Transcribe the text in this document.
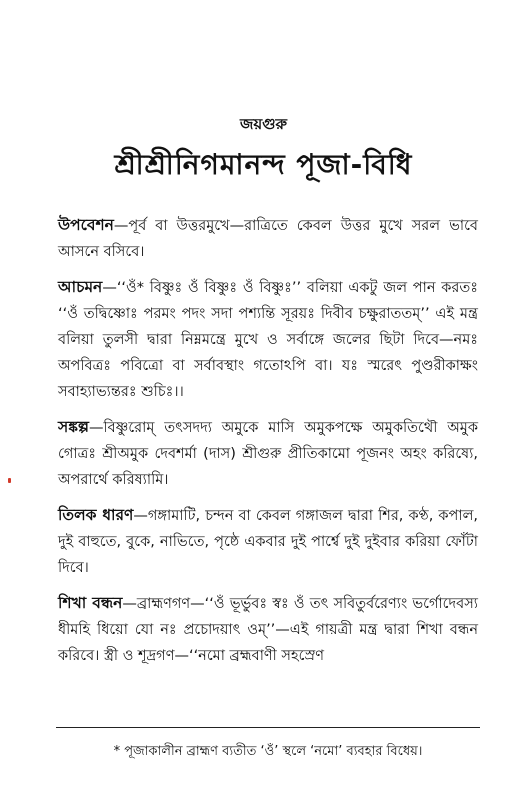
জয়গুরু
শ্রীশ্রীনিগমানন্দ পূজা-বিধি

উপবেশন—পূর্ব বা উত্তরমুখে—রাত্রিতে কেবল উত্তর মুখে সরল ভাবে আসনে বসিবে।

আচমন—‘‘ওঁ* বিষ্ণুঃ ওঁ বিষ্ণুঃ ওঁ বিষ্ণুঃ’’ বলিয়া একটু জল পান করতঃ ‘‘ওঁ তদ্বিষ্ণোঃ পরমং পদং সদা পশ্যন্তি সূরয়ঃ দিবীব চক্ষুরাততম্’’ এই মন্ত্র বলিয়া তুলসী দ্বারা নিম্নমন্ত্রে মুখে ও সর্বাঙ্গে জলের ছিটা দিবে—নমঃ অপবিত্রঃ পবিত্রো বা সর্বাবস্থাং গতোঽপি বা। যঃ স্মরেৎ পুণ্ডরীকাক্ষং সবাহ্যাভ্যন্তরঃ শুচিঃ।।

সঙ্কল্প—বিষ্ণুরোম্ তৎসদদ্য অমুকে মাসি অমুকপক্ষে অমুকতিথৌ অমুক গোত্রঃ শ্রীঅমুক দেবশর্মা (দাস) শ্রীগুরু প্রীতিকামো পূজনং অহং করিষ্যে, অপরার্থে করিষ্যামি।

তিলক ধারণ—গঙ্গামাটি, চন্দন বা কেবল গঙ্গাজল দ্বারা শির, কণ্ঠ, কপাল, দুই বাহুতে, বুকে, নাভিতে, পৃষ্ঠে একবার দুই পার্শ্বে দুই দুইবার করিয়া ফোঁটা দিবে।

শিখা বন্ধন—ব্রাহ্মণগণ—‘‘ওঁ ভূর্ভুবঃ স্বঃ ওঁ তৎ সবিতুর্বরেণ্যং ভর্গোদেবস্য ধীমহি ধিয়ো যো নঃ প্রচোদয়াৎ ওম্’’—এই গায়ত্রী মন্ত্র দ্বারা শিখা বন্ধন করিবে। স্ত্রী ও শূদ্রগণ—‘‘নমো ব্রহ্মবাণী সহস্রেণ

* পূজাকালীন ব্রাহ্মণ ব্যতীত ‘ওঁ’ স্থলে ‘নমো’ ব্যবহার বিধেয়।
